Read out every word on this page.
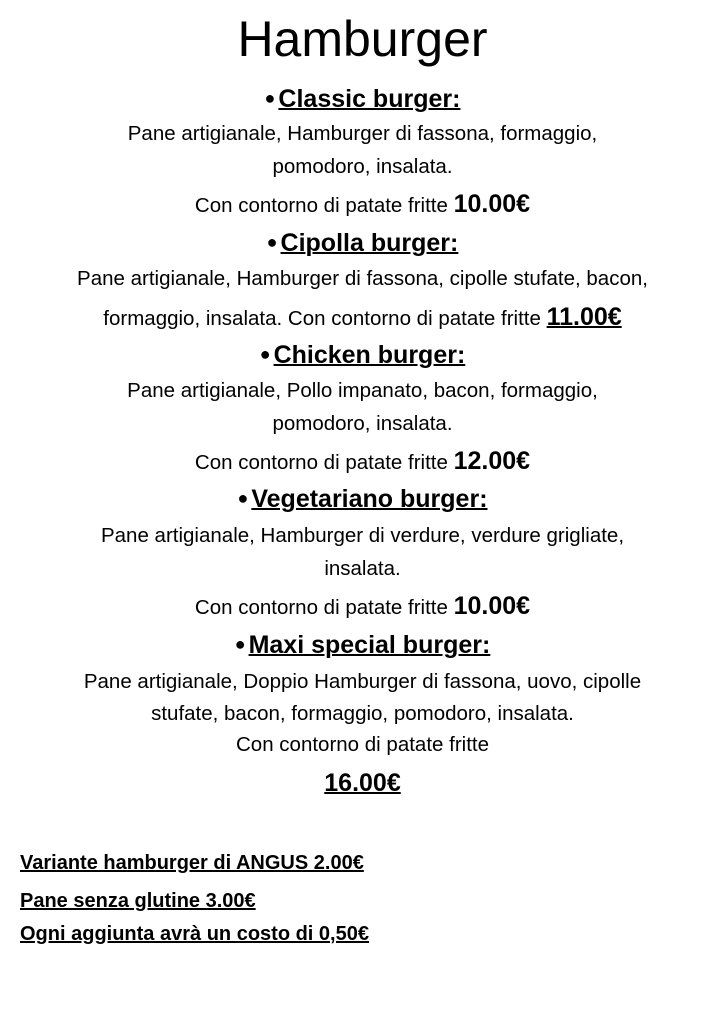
Hamburger
● Classic burger:
Pane artigianale, Hamburger di fassona, formaggio,
pomodoro, insalata.
Con contorno di patate fritte 10.00€
● Cipolla burger:
Pane artigianale, Hamburger di fassona, cipolle stufate, bacon,
formaggio, insalata. Con contorno di patate fritte 11.00€
● Chicken burger:
Pane artigianale, Pollo impanato, bacon, formaggio,
pomodoro, insalata.
Con contorno di patate fritte 12.00€
● Vegetariano burger:
Pane artigianale, Hamburger di verdure, verdure grigliate,
insalata.
Con contorno di patate fritte 10.00€
● Maxi special burger:
Pane artigianale, Doppio Hamburger di fassona, uovo, cipolle
stufate, bacon, formaggio, pomodoro, insalata.
Con contorno di patate fritte
16.00€
Variante hamburger di ANGUS 2.00€
Pane senza glutine 3.00€
Ogni aggiunta avrà un costo di 0,50€
